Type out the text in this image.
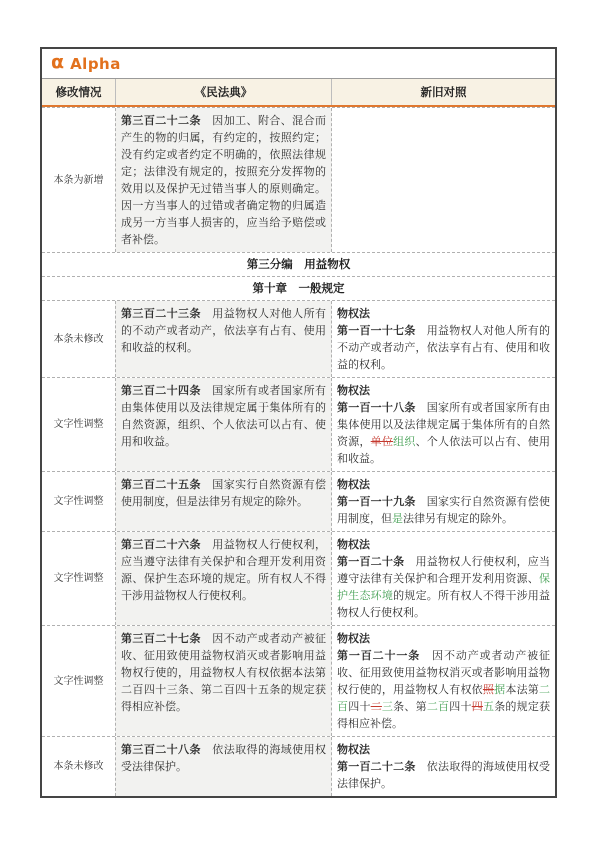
α Alpha
修改情况	《民法典》	新旧对照
本条为新增
第三百二十二条　因加工、附合、混合而产生的物的归属，有约定的，按照约定；没有约定或者约定不明确的，依照法律规定；法律没有规定的，按照充分发挥物的效用以及保护无过错当事人的原则确定。因一方当事人的过错或者确定物的归属造成另一方当事人损害的，应当给予赔偿或者补偿。
第三分编　用益物权
第十章　一般规定
本条未修改
第三百二十三条　用益物权人对他人所有的不动产或者动产，依法享有占有、使用和收益的权利。
物权法
第一百一十七条　用益物权人对他人所有的不动产或者动产，依法享有占有、使用和收益的权利。
文字性调整
第三百二十四条　国家所有或者国家所有由集体使用以及法律规定属于集体所有的自然资源，组织、个人依法可以占有、使用和收益。
物权法
第一百一十八条　国家所有或者国家所有由集体使用以及法律规定属于集体所有的自然资源，单位组织、个人依法可以占有、使用和收益。
文字性调整
第三百二十五条　国家实行自然资源有偿使用制度，但是法律另有规定的除外。
物权法
第一百一十九条　国家实行自然资源有偿使用制度，但是法律另有规定的除外。
文字性调整
第三百二十六条　用益物权人行使权利，应当遵守法律有关保护和合理开发利用资源、保护生态环境的规定。所有权人不得干涉用益物权人行使权利。
物权法
第一百二十条　用益物权人行使权利，应当遵守法律有关保护和合理开发利用资源、保护生态环境的规定。所有权人不得干涉用益物权人行使权利。
文字性调整
第三百二十七条　因不动产或者动产被征收、征用致使用益物权消灭或者影响用益物权行使的，用益物权人有权依据本法第二百四十三条、第二百四十五条的规定获得相应补偿。
物权法
第一百二十一条　因不动产或者动产被征收、征用致使用益物权消灭或者影响用益物权行使的，用益物权人有权依照据本法第二百四十二三条、第二百四十四五条的规定获得相应补偿。
本条未修改
第三百二十八条　依法取得的海域使用权受法律保护。
物权法
第一百二十二条　依法取得的海域使用权受法律保护。
